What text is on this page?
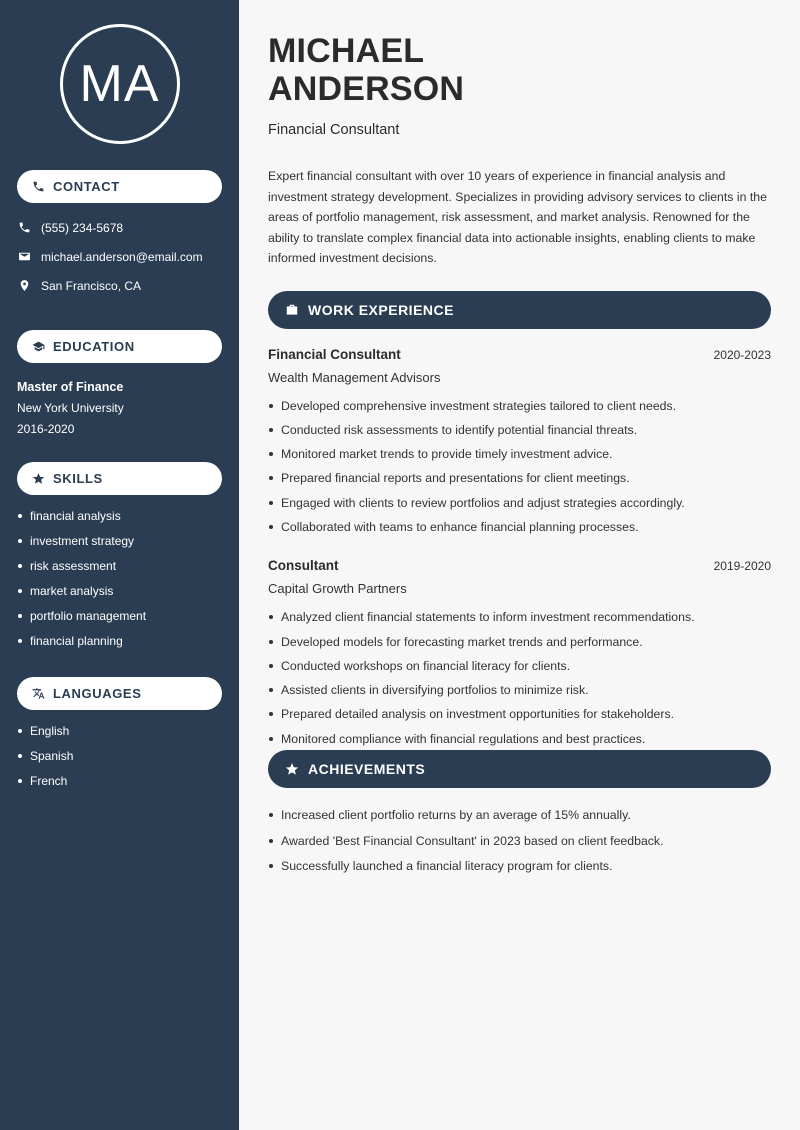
MA
CONTACT
(555) 234-5678
michael.anderson@email.com
San Francisco, CA
EDUCATION
Master of Finance
New York University
2016-2020
SKILLS
financial analysis
investment strategy
risk assessment
market analysis
portfolio management
financial planning
LANGUAGES
English
Spanish
French
MICHAEL
ANDERSON
Financial Consultant

Expert financial consultant with over 10 years of experience in financial analysis and investment strategy development. Specializes in providing advisory services to clients in the areas of portfolio management, risk assessment, and market analysis. Renowned for the ability to translate complex financial data into actionable insights, enabling clients to make informed investment decisions.

WORK EXPERIENCE
Financial Consultant	2020-2023
Wealth Management Advisors
Developed comprehensive investment strategies tailored to client needs.
Conducted risk assessments to identify potential financial threats.
Monitored market trends to provide timely investment advice.
Prepared financial reports and presentations for client meetings.
Engaged with clients to review portfolios and adjust strategies accordingly.
Collaborated with teams to enhance financial planning processes.
Consultant	2019-2020
Capital Growth Partners
Analyzed client financial statements to inform investment recommendations.
Developed models for forecasting market trends and performance.
Conducted workshops on financial literacy for clients.
Assisted clients in diversifying portfolios to minimize risk.
Prepared detailed analysis on investment opportunities for stakeholders.
Monitored compliance with financial regulations and best practices.
ACHIEVEMENTS
Increased client portfolio returns by an average of 15% annually.
Awarded 'Best Financial Consultant' in 2023 based on client feedback.
Successfully launched a financial literacy program for clients.
